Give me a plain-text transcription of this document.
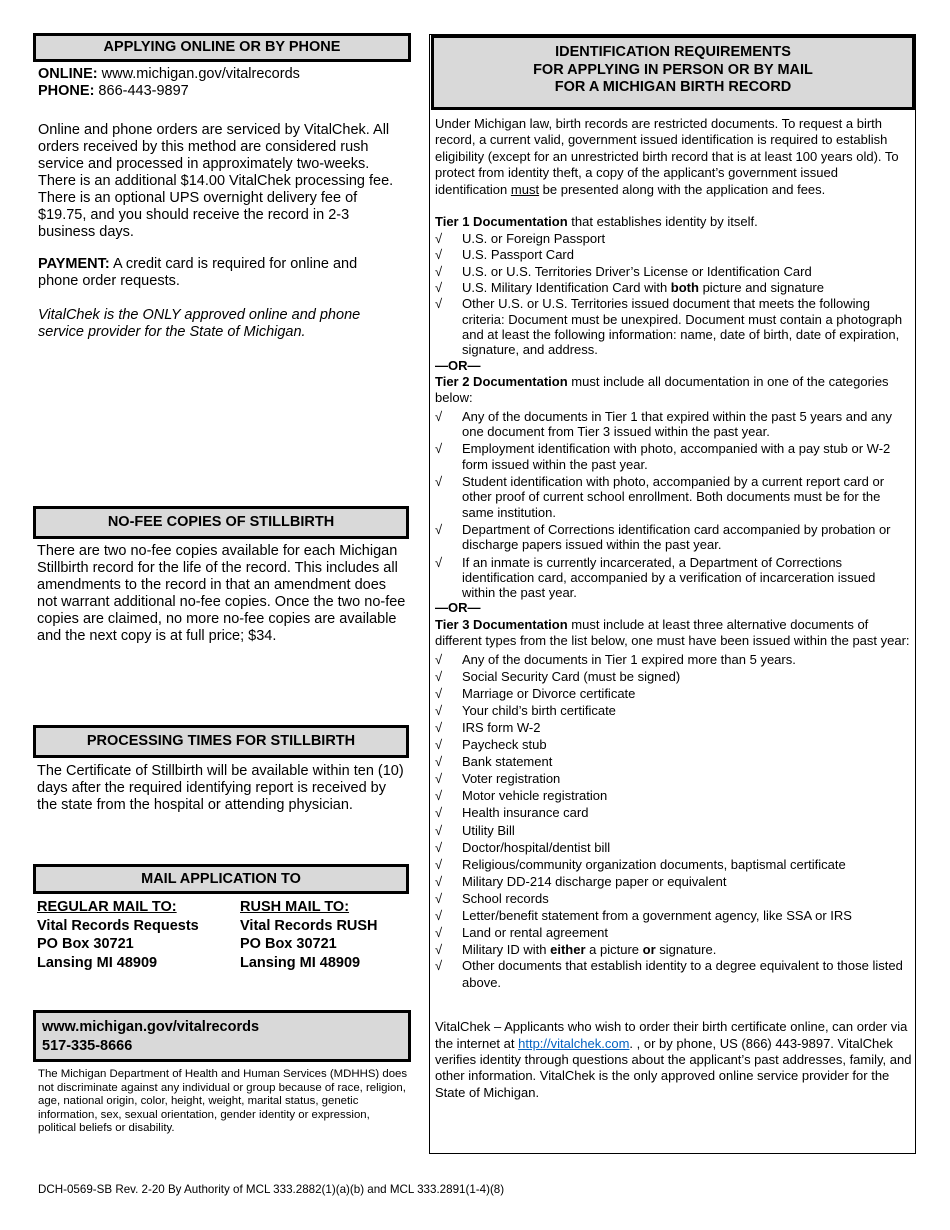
APPLYING ONLINE OR BY PHONE

ONLINE: www.michigan.gov/vitalrecords

PHONE: 866-443-9897

Online and phone orders are serviced by VitalChek. All orders received by this method are considered rush service and processed in approximately two-weeks. There is an additional $14.00 VitalChek processing fee. There is an optional UPS overnight delivery fee of $19.75, and you should receive the record in 2-3 business days.
PAYMENT: A credit card is required for online and phone order requests.
VitalChek is the ONLY approved online and phone service provider for the State of Michigan.
NO-FEE COPIES OF STILLBIRTH
There are two no-fee copies available for each Michigan Stillbirth record for the life of the record. This includes all amendments to the record in that an amendment does not warrant additional no-fee copies. Once the two no-fee copies are claimed, no more no-fee copies are available and the next copy is at full price; $34.
PROCESSING TIMES FOR STILLBIRTH
The Certificate of Stillbirth will be available within ten (10) days after the required identifying report is received by the state from the hospital or attending physician.
MAIL APPLICATION TO

REGULAR MAIL TO:

Vital Records Requests

PO Box 30721

Lansing MI 48909

RUSH MAIL TO:

Vital Records RUSH

PO Box 30721

Lansing MI 48909

www.michigan.gov/vitalrecords
517-335-8666
The Michigan Department of Health and Human Services (MDHHS) does not discriminate against any individual or group because of race, religion, age, national origin, color, height, weight, marital status, genetic information, sex, sexual orientation, gender identity or expression, political beliefs or disability.
DCH-0569-SB Rev. 2-20 By Authority of MCL 333.2882(1)(a)(b) and MCL 333.2891(1-4)(8)
IDENTIFICATION REQUIREMENTS
FOR APPLYING IN PERSON OR BY MAIL
FOR A MICHIGAN BIRTH RECORD

Under Michigan law, birth records are restricted documents. To request a birth record, a current valid, government issued identification is required to establish eligibility (except for an unrestricted birth record that is at least 100 years old). To protect from identity theft, a copy of the applicant’s government issued identification must be presented along with the application and fees.

Tier 1 Documentation that establishes identity by itself.

√	U.S. or Foreign Passport
√	U.S. Passport Card
√	U.S. or U.S. Territories Driver’s License or Identification Card
√	U.S. Military Identification Card with both picture and signature
√	Other U.S. or U.S. Territories issued document that meets the following criteria: Document must be unexpired. Document must contain a photograph and at least the following information: name, date of birth, date of expiration, signature, and address.

—OR—

Tier 2 Documentation must include all documentation in one of the categories below:

√	Any of the documents in Tier 1 that expired within the past 5 years and any one document from Tier 3 issued within the past year.
√	Employment identification with photo, accompanied with a pay stub or W-2 form issued within the past year.
√	Student identification with photo, accompanied by a current report card or other proof of current school enrollment. Both documents must be for the same institution.
√	Department of Corrections identification card accompanied by probation or discharge papers issued within the past year.
√	If an inmate is currently incarcerated, a Department of Corrections identification card, accompanied by a verification of incarceration issued within the past year.

—OR—

Tier 3 Documentation must include at least three alternative documents of different types from the list below, one must have been issued within the past year:

√	Any of the documents in Tier 1 expired more than 5 years.
√	Social Security Card (must be signed)
√	Marriage or Divorce certificate
√	Your child’s birth certificate
√	IRS form W-2
√	Paycheck stub
√	Bank statement
√	Voter registration
√	Motor vehicle registration
√	Health insurance card
√	Utility Bill
√	Doctor/hospital/dentist bill
√	Religious/community organization documents, baptismal certificate
√	Military DD-214 discharge paper or equivalent
√	School records
√	Letter/benefit statement from a government agency, like SSA or IRS
√	Land or rental agreement
√	Military ID with either a picture or signature.
√	Other documents that establish identity to a degree equivalent to those listed above.

VitalChek – Applicants who wish to order their birth certificate online, can order via the internet at http://vitalchek.com. , or by phone, US (866) 443-9897. VitalChek verifies identity through questions about the applicant’s past addresses, family, and other information. VitalChek is the only approved online service provider for the State of Michigan.
